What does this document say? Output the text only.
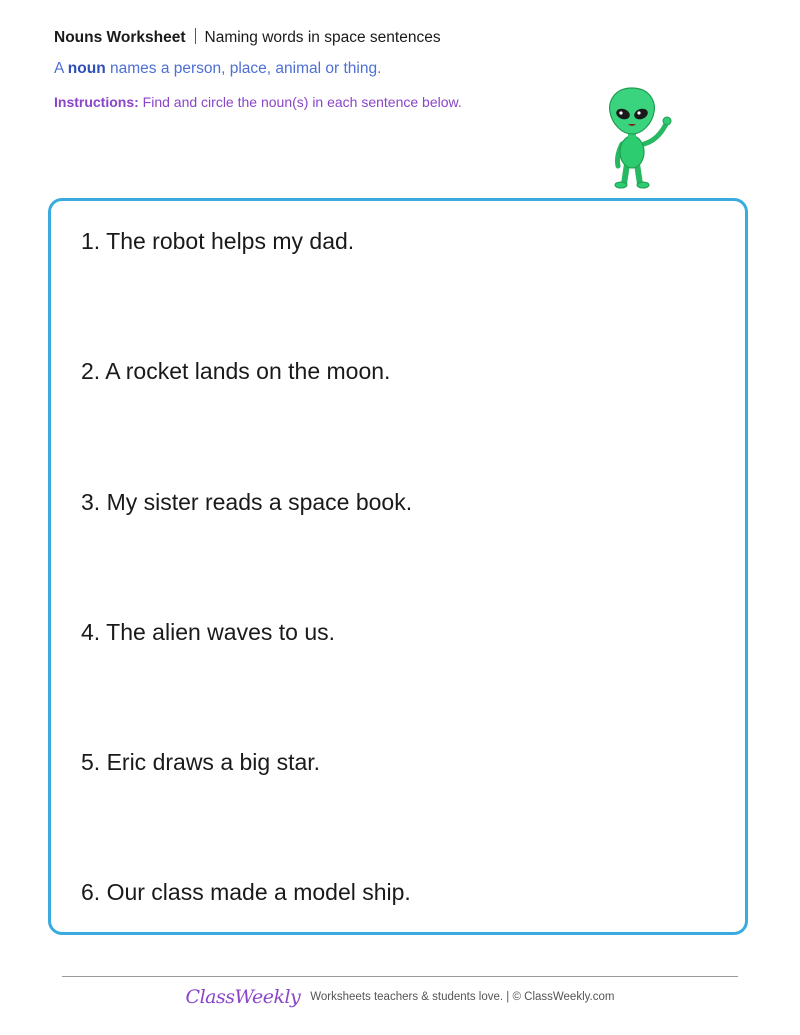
Nouns Worksheet Naming words in space sentences
A noun names a person, place, animal or thing.
Instructions: Find and circle the noun(s) in each sentence below.
1. The robot helps my dad.
2. A rocket lands on the moon.
3. My sister reads a space book.
4. The alien waves to us.
5. Eric draws a big star.
6. Our class made a model ship.
ClassWeekly Worksheets teachers & students love. | © ClassWeekly.com
